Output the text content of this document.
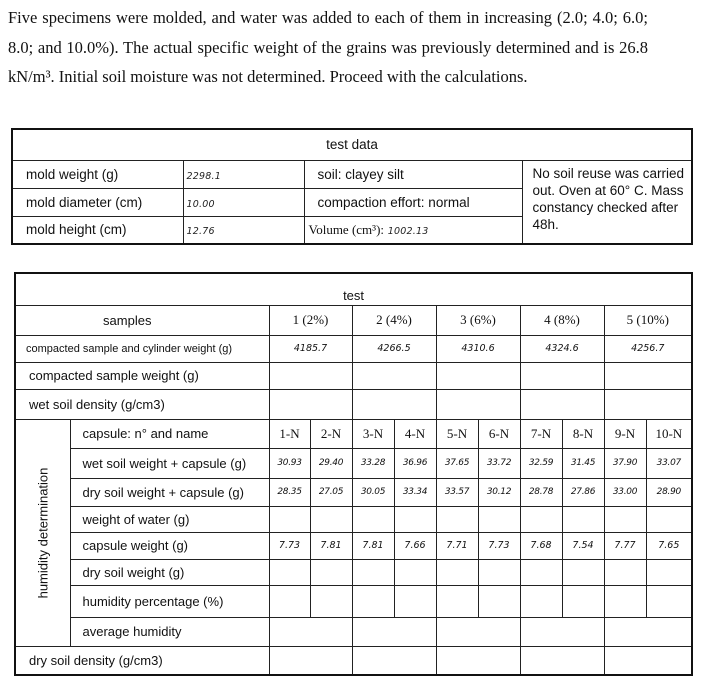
Five specimens were molded, and water was added to each of them in increasing (2.0; 4.0; 6.0; 8.0; and 10.0%). The actual specific weight of the grains was previously determined and is 26.8 kN/m³. Initial soil moisture was not determined. Proceed with the calculations.
test data			
mold weight (g)	2298.1	soil: clayey silt	No soil reuse was carried out. Oven at 60° C. Mass constancy checked after 48h.
mold diameter (cm)	10.00	compaction effort: normal	
mold height (cm)	12.76	Volume (cm³): 1002.13	
test											
samples		1 (2%)		2 (4%)		3 (6%)		4 (8%)		5 (10%)	
compacted sample and cylinder weight (g)		4185.7		4266.5		4310.6		4324.6		4256.7	
compacted sample weight (g)											
wet soil density (g/cm3)											

humidity determination	capsule: n° and name	1-N	2-N	3-N	4-N	5-N	6-N	7-N	8-N	9-N	10-N
	wet soil weight + capsule (g)	30.93	29.40	33.28	36.96	37.65	33.72	32.59	31.45	37.90	33.07
	dry soil weight + capsule (g)	28.35	27.05	30.05	33.34	33.57	30.12	28.78	27.86	33.00	28.90
	weight of water (g)										
	capsule weight (g)	7.73	7.81	7.81	7.66	7.71	7.73	7.68	7.54	7.77	7.65
	dry soil weight (g)										
	humidity percentage (%)										
	average humidity										
dry soil density (g/cm3)											
